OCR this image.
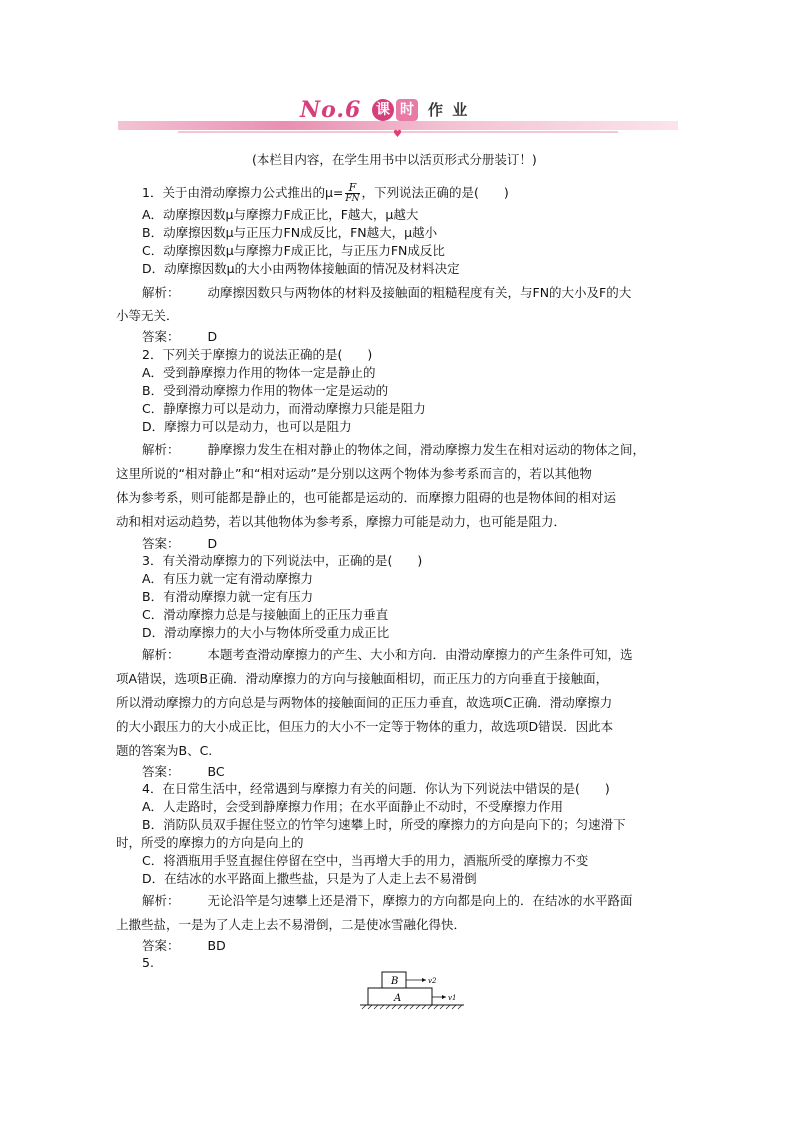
No.6 课 时 作 业
♥
(本栏目内容，在学生用书中以活页形式分册装订！)
1．关于由滑动摩擦力公式推出的$\mu= \frac{F}{FN}$ ，下列说法正确的是(　　)
A．动摩擦因数μ与摩擦力F成正比，F越大，μ越大
B．动摩擦因数μ与正压力FN成反比，FN越大，μ越小
C．动摩擦因数μ与摩擦力F成正比，与正压力FN成反比
D．动摩擦因数μ的大小由两物体接触面的情况及材料决定
解析： 动摩擦因数只与两物体的材料及接触面的粗糙程度有关，与FN的大小及F的大
小等无关．
答案： D
2．下列关于摩擦力的说法正确的是(　　)
A．受到静摩擦力作用的物体一定是静止的
B．受到滑动摩擦力作用的物体一定是运动的
C．静摩擦力可以是动力，而滑动摩擦力只能是阻力
D．摩擦力可以是动力，也可以是阻力
解析： 静摩擦力发生在相对静止的物体之间，滑动摩擦力发生在相对运动的物体之间，
这里所说的“相对静止”和“相对运动”是分别以这两个物体为参考系而言的，若以其他物
体为参考系，则可能都是静止的，也可能都是运动的．而摩擦力阻碍的也是物体间的相对运
动和相对运动趋势，若以其他物体为参考系，摩擦力可能是动力，也可能是阻力．
答案： D
3．有关滑动摩擦力的下列说法中，正确的是(　　)
A．有压力就一定有滑动摩擦力
B．有滑动摩擦力就一定有压力
C．滑动摩擦力总是与接触面上的正压力垂直
D．滑动摩擦力的大小与物体所受重力成正比
解析： 本题考查滑动摩擦力的产生、大小和方向．由滑动摩擦力的产生条件可知，选
项A错误，选项B正确．滑动摩擦力的方向与接触面相切，而正压力的方向垂直于接触面，
所以滑动摩擦力的方向总是与两物体的接触面间的正压力垂直，故选项C正确．滑动摩擦力
的大小跟压力的大小成正比，但压力的大小不一定等于物体的重力，故选项D错误．因此本
题的答案为B、C.
答案： BC
4．在日常生活中，经常遇到与摩擦力有关的问题．你认为下列说法中错误的是(　　)
A．人走路时，会受到静摩擦力作用；在水平面静止不动时，不受摩擦力作用
B．消防队员双手握住竖立的竹竿匀速攀上时，所受的摩擦力的方向是向下的；匀速滑下
时，所受的摩擦力的方向是向上的
C．将酒瓶用手竖直握住停留在空中，当再增大手的用力，酒瓶所受的摩擦力不变
D．在结冰的水平路面上撒些盐，只是为了人走上去不易滑倒
解析： 无论沿竿是匀速攀上还是滑下，摩擦力的方向都是向上的．在结冰的水平路面
上撒些盐，一是为了人走上去不易滑倒，二是使冰雪融化得快．
答案： BD
5.
B	v2
A	v1
